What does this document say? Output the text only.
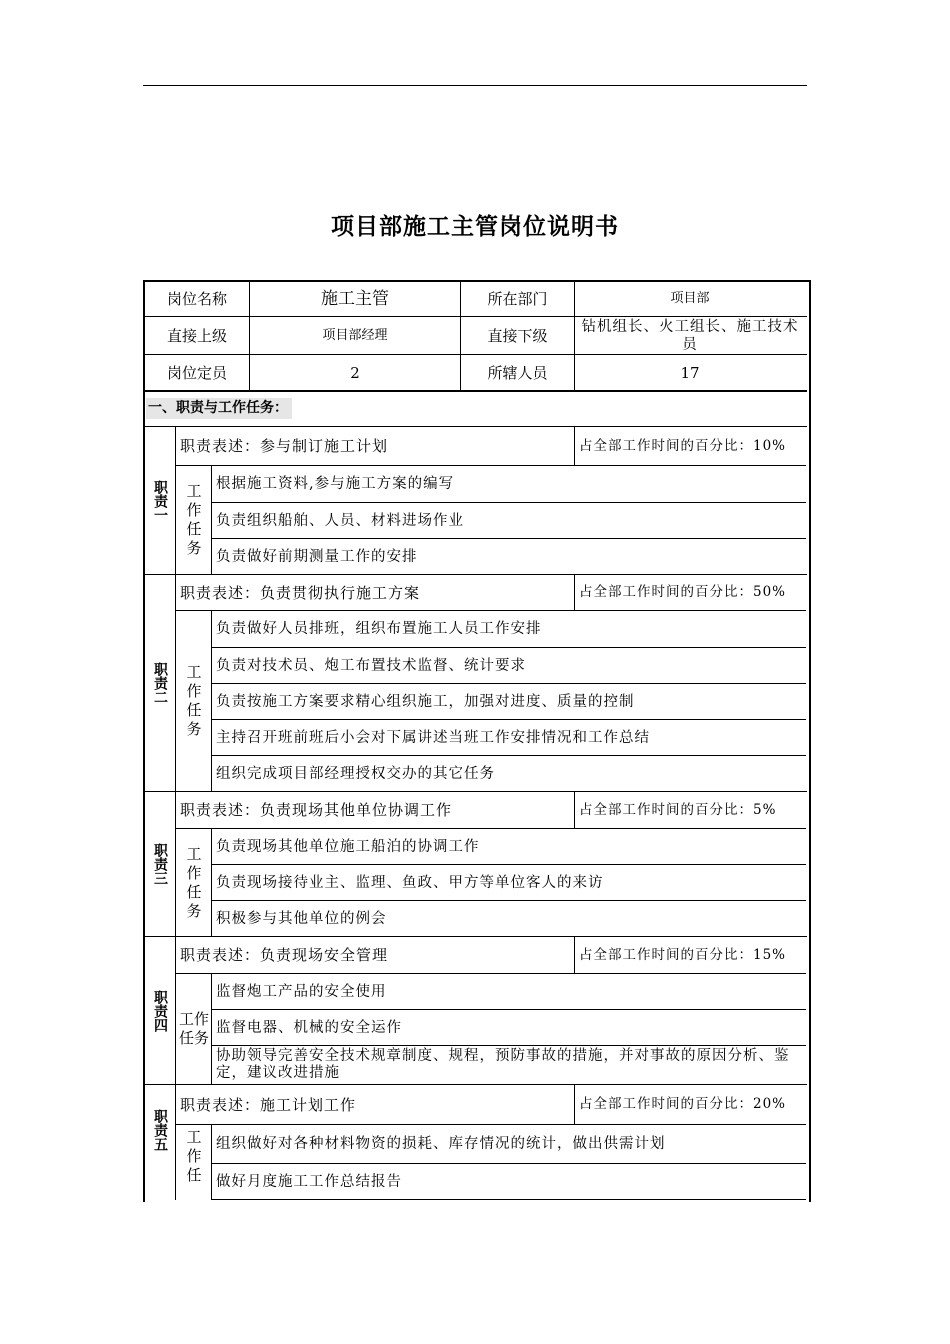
项目部施工主管岗位说明书
岗位名称	施工主管	所在部门	项目部
直接上级	项目部经理	直接下级	钻机组长、火工组长、施工技术员
岗位定员	2	所辖人员	17
一、职责与工作任务：
职责一
职责表述：参与制订施工计划	占全部工作时间的百分比：10%
工作任务
根据施工资料,参与施工方案的编写
负责组织船舶、人员、材料进场作业
负责做好前期测量工作的安排
职责二
职责表述：负责贯彻执行施工方案	占全部工作时间的百分比：50%
工作任务
负责做好人员排班，组织布置施工人员工作安排
负责对技术员、炮工布置技术监督、统计要求
负责按施工方案要求精心组织施工，加强对进度、质量的控制
主持召开班前班后小会对下属讲述当班工作安排情况和工作总结
组织完成项目部经理授权交办的其它任务
职责三
职责表述：负责现场其他单位协调工作	占全部工作时间的百分比：5%
工作任务
负责现场其他单位施工船泊的协调工作
负责现场接待业主、监理、鱼政、甲方等单位客人的来访
积极参与其他单位的例会
职责四
职责表述：负责现场安全管理	占全部工作时间的百分比：15%
工作任务
监督炮工产品的安全使用
监督电器、机械的安全运作
协助领导完善安全技术规章制度、规程，预防事故的措施，并对事故的原因分析、鉴定，建议改进措施
职责五
职责表述：施工计划工作	占全部工作时间的百分比：20%
工作任
组织做好对各种材料物资的损耗、库存情况的统计，做出供需计划
做好月度施工工作总结报告
